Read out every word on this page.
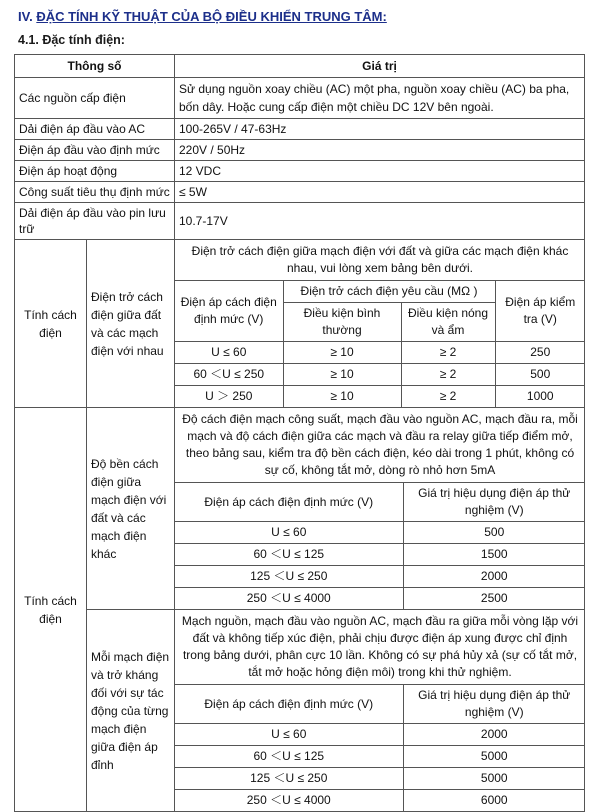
IV. ĐẶC TÍNH KỸ THUẬT CỦA BỘ ĐIỀU KHIỂN TRUNG TÂM:
4.1. Đặc tính điện:
Thông số	Giá trị
Các nguồn cấp điện	Sử dụng nguồn xoay chiều (AC) một pha, nguồn xoay chiều (AC) ba pha, bốn dây. Hoặc cung cấp điện một chiều DC 12V bên ngoài.
Dải điện áp đầu vào AC	100-265V / 47-63Hz
Điện áp đầu vào định mức	220V / 50Hz
Điện áp hoạt động	12 VDC
Công suất tiêu thụ định mức	≤ 5W
Dải điện áp đầu vào pin lưu trữ	10.7-17V
Tính cách điện	Điện trở cách điện giữa đất và các mạch điện với nhau	
Điện trở cách điện giữa mạch điện với đất và giữa các mạch điện khác nhau, vui lòng xem bảng bên dưới.
Điện áp cách điện định mức (V)	Điện trở cách điện yêu cầu (MΩ )	Điện áp kiểm tra (V)
Điều kiện bình thường	Điều kiện nóng và ẩm
U ≤ 60	≥ 10	≥ 2	250
60 ＜U ≤ 250	≥ 10	≥ 2	500
U ＞ 250	≥ 10	≥ 2	1000

Tính cách điện	Độ bền cách điện giữa mạch điện với đất và các mạch điện khác	
Độ cách điện mạch công suất, mạch đầu vào nguồn AC, mạch đầu ra, mỗi mạch và độ cách điện giữa các mạch và đầu ra relay giữa tiếp điểm mở, theo bảng sau, kiểm tra độ bền cách điện, kéo dài trong 1 phút, không có sự cố, không tắt mở, dòng rò nhỏ hơn 5mA
Điện áp cách điện định mức (V)	Giá trị hiệu dụng điện áp thử nghiệm (V)
U ≤ 60	500
60 ＜U ≤ 125	1500
125 ＜U ≤ 250	2000
250 ＜U ≤ 4000	2500

Mỗi mạch điện và trở kháng đối với sự tác động của từng mạch điện giữa điện áp đỉnh	
Mạch nguồn, mạch đầu vào nguồn AC, mạch đầu ra giữa mỗi vòng lặp với đất và không tiếp xúc điện, phải chịu được điện áp xung được chỉ định trong bảng dưới, phân cực 10 lần. Không có sự phá hủy xả (sự cố tắt mở, tắt mở hoặc hỏng điện môi) trong khi thử nghiệm.
Điện áp cách điện định mức (V)	Giá trị hiệu dụng điện áp thử nghiệm (V)
U ≤ 60	2000
60 ＜U ≤ 125	5000
125 ＜U ≤ 250	5000
250 ＜U ≤ 4000	6000
